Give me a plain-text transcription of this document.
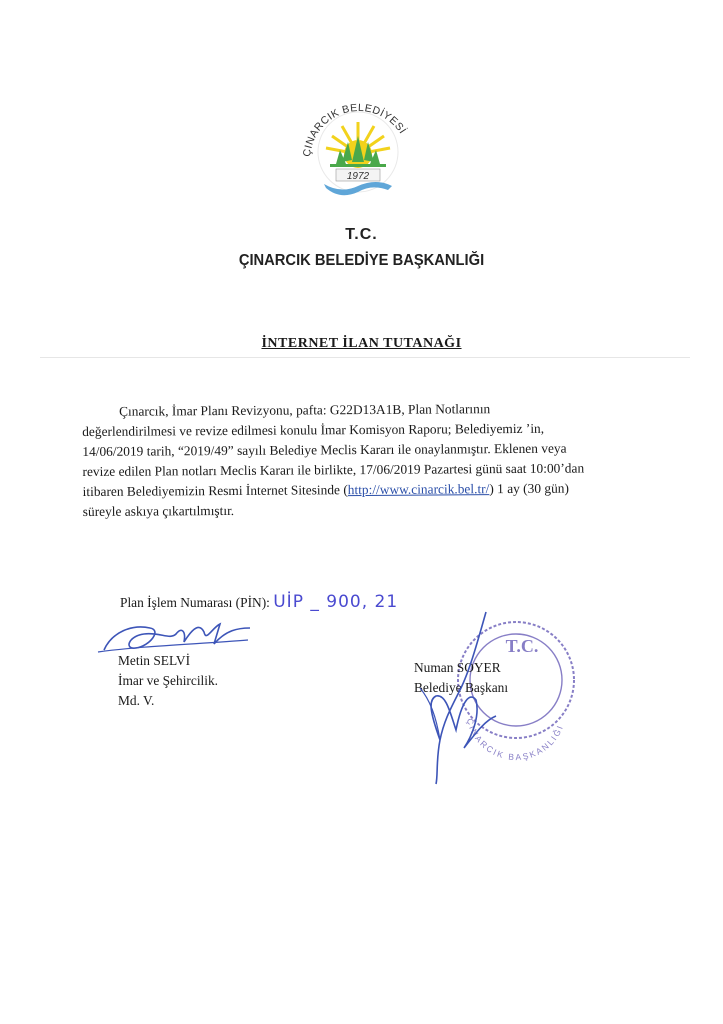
1972
ÇINARCIK BELEDİYESİ
T.C.
ÇINARCIK BELEDİYE BAŞKANLIĞI
İNTERNET İLAN TUTANAĞI
Çınarcık, İmar Planı Revizyonu, pafta: G22D13A1B, Plan Notlarının
değerlendirilmesi ve revize edilmesi konulu İmar Komisyon Raporu; Belediyemiz ’in,
14/06/2019 tarih, “2019/49” sayılı Belediye Meclis Kararı ile onaylanmıştır. Eklenen veya
revize edilen Plan notları Meclis Kararı ile birlikte, 17/06/2019 Pazartesi günü saat 10:00’dan
itibaren Belediyemizin Resmi İnternet Sitesinde (http://www.cinarcik.bel.tr/) 1 ay (30 gün)
süreyle askıya çıkartılmıştır.
Plan İşlem Numarası (PİN): UİP _ 900, 21
Metin SELVİ
İmar ve Şehircilik.
Md. V.
T.C.
ÇINARCIK BAŞKANLIĞI
Numan SOYER
Belediye Başkanı
